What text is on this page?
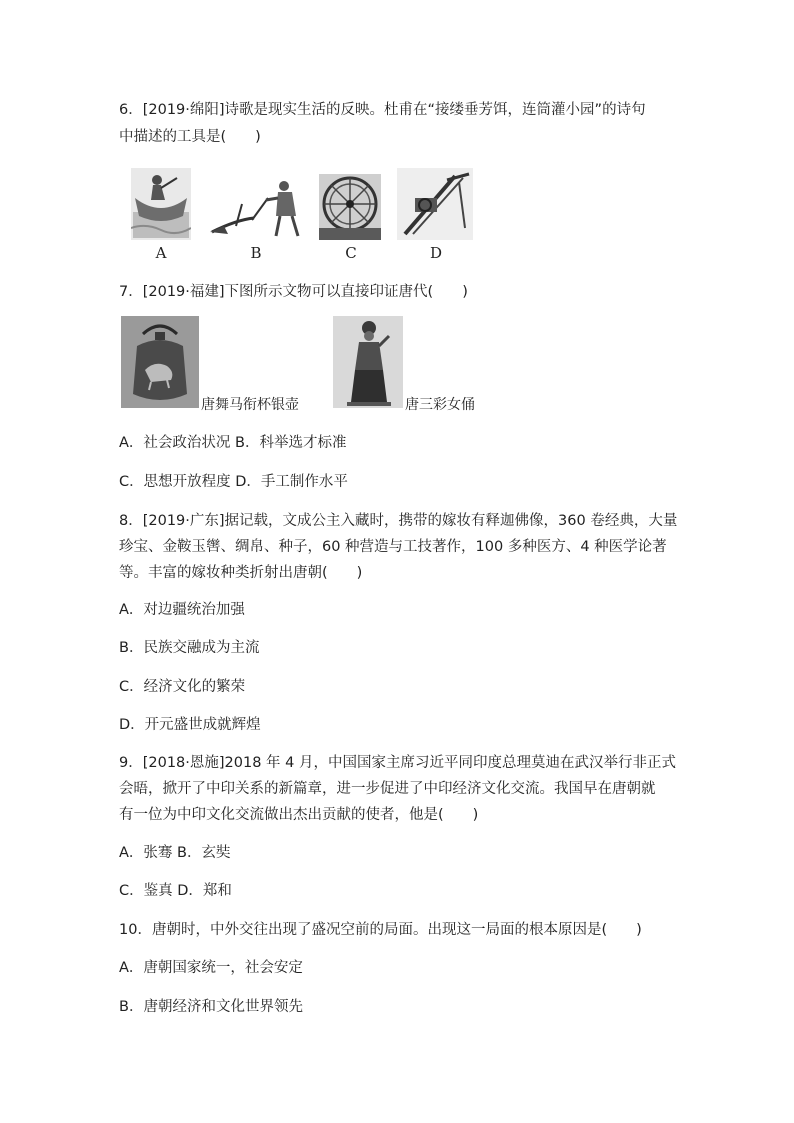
6．[2019·绵阳]诗歌是现实生活的反映。杜甫在“接缕垂芳饵，连筒灌小园”的诗句
中描述的工具是(　　)
A	B	C	D
7．[2019·福建]下图所示文物可以直接印证唐代(　　)
唐舞马衔杯银壶	唐三彩女俑
A．社会政治状况 B．科举选才标准
C．思想开放程度 D．手工制作水平
8．[2019·广东]据记载，文成公主入藏时，携带的嫁妆有释迦佛像，360 卷经典，大量
珍宝、金鞍玉辔、绸帛、种子，60 种营造与工技著作，100 多种医方、4 种医学论著
等。丰富的嫁妆种类折射出唐朝(　　)
A．对边疆统治加强
B．民族交融成为主流
C．经济文化的繁荣
D．开元盛世成就辉煌
9．[2018·恩施]2018 年 4 月，中国国家主席习近平同印度总理莫迪在武汉举行非正式
会晤，掀开了中印关系的新篇章，进一步促进了中印经济文化交流。我国早在唐朝就
有一位为中印文化交流做出杰出贡献的使者，他是(　　)
A．张骞 B．玄奘
C．鉴真 D．郑和
10．唐朝时，中外交往出现了盛况空前的局面。出现这一局面的根本原因是(　　)
A．唐朝国家统一，社会安定
B．唐朝经济和文化世界领先
